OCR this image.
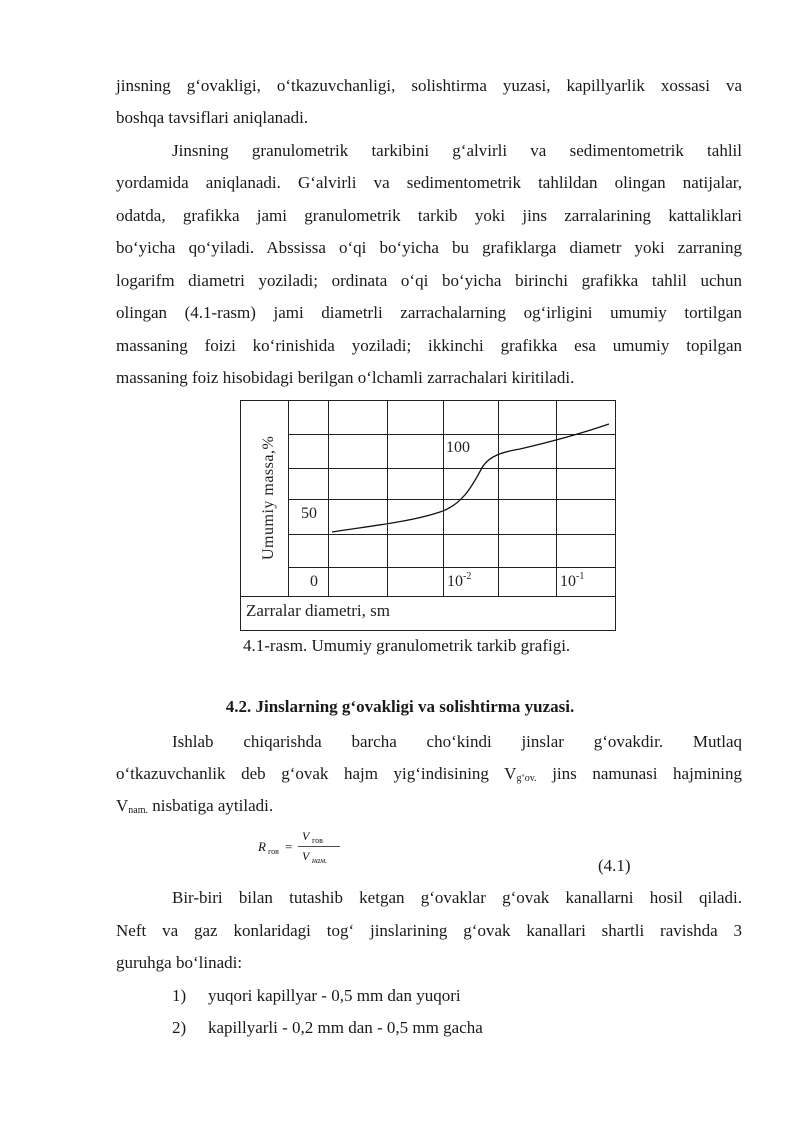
jinsning g‘ovakligi, o‘tkazuvchanligi, solishtirma yuzasi, kapillyarlik xossasi va
boshqa tavsiflari aniqlanadi.
Jinsning granulometrik tarkibini g‘alvirli va sedimentometrik tahlil
yordamida aniqlanadi. G‘alvirli va sedimentometrik tahlildan olingan natijalar,
odatda, grafikka jami granulometrik tarkib yoki jins zarralarining kattaliklari
bo‘yicha qo‘yiladi. Abssissa o‘qi bo‘yicha bu grafiklarga diametr yoki zarraning
logarifm diametri yoziladi; ordinata o‘qi bo‘yicha birinchi grafikka tahlil uchun
olingan (4.1-rasm) jami diametrli zarrachalarning og‘irligini umumiy tortilgan
massaning foizi ko‘rinishida yoziladi; ikkinchi grafikka esa umumiy topilgan
massaning foiz hisobidagi berilgan o‘lchamli zarrachalari kiritiladi.
Umumiy massa,%	100
50
0	$10^{-2}$	$10^{-1}$
Zarralar diametri, sm
4.1-rasm. Umumiy granulometrik tarkib grafigi.
4.2. Jinslarning g‘ovakligi va solishtirma yuzasi.
Ishlab chiqarishda barcha cho‘kindi jinslar g‘ovakdir. Mutlaq
o‘tkazuvchanlik deb g‘ovak hajm yig‘indisining $V_{g‘ov.}$ jins namunasi hajmining
$V_{nam.}$ nisbatiga aytiladi.
R гов =
V гов
V нам.	(4.1)
Bir-biri bilan tutashib ketgan g‘ovaklar g‘ovak kanallarni hosil qiladi.
Neft va gaz konlaridagi tog‘ jinslarining g‘ovak kanallari shartli ravishda 3
guruhga bo‘linadi:
1) yuqori kapillyar - 0,5 mm dan yuqori
2) kapillyarli - 0,2 mm dan - 0,5 mm gacha
